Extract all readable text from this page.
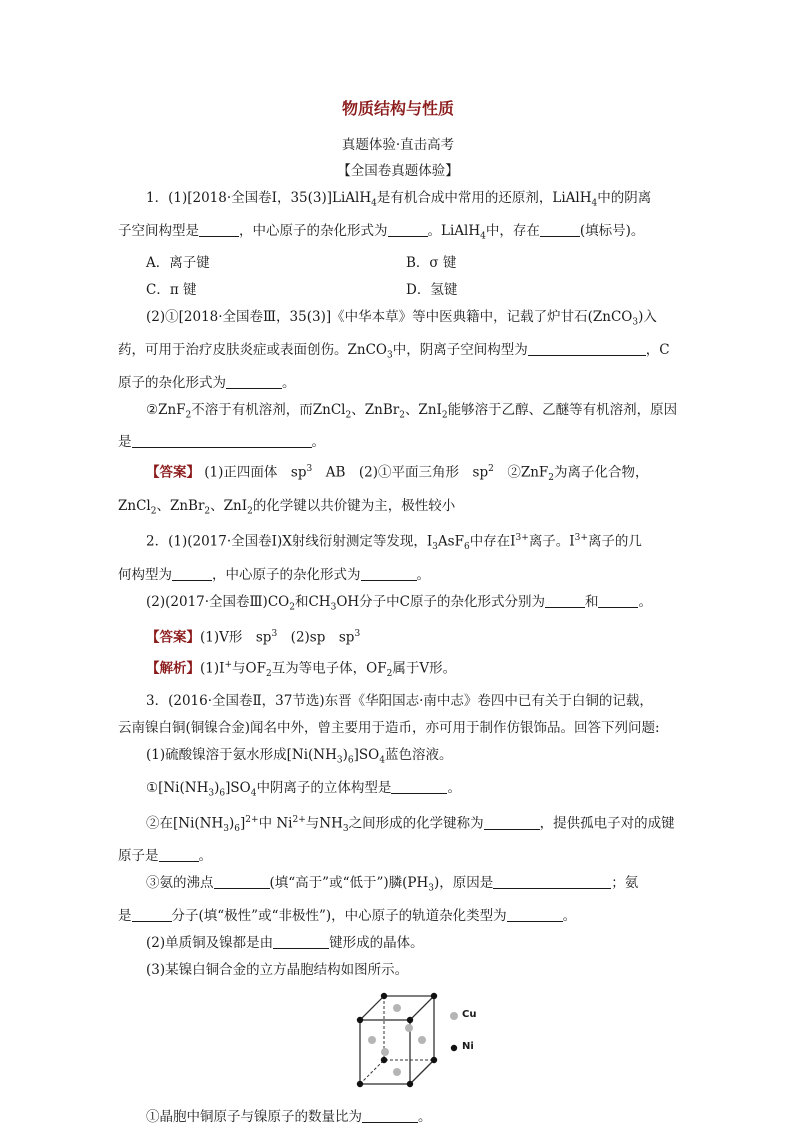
物质结构与性质
真题体验·直击高考
【全国卷真题体验】

1．(1)[2018·全国卷Ⅰ，35(3)]LiAlH$_4$是有机合成中常用的还原剂，LiAlH$_4$中的阴离

子空间构型是	，中心原子的杂化形式为	。LiAlH$_4$中，存在	(填标号)。

A．离子键	B．σ 键
C．π 键	D．氢键

(2)①[2018·全国卷Ⅲ，35(3)]《中华本草》等中医典籍中，记载了炉甘石(ZnCO$_3$)入

药，可用于治疗皮肤炎症或表面创伤。ZnCO$_3$中，阴离子空间构型为	，C

原子的杂化形式为	。

②ZnF$_2$不溶于有机溶剂，而ZnCl$_2$、ZnBr$_2$、ZnI$_2$能够溶于乙醇、乙醚等有机溶剂，原因

是	。

【答案】 (1)正四面体　$sp^3$　AB　(2)①平面三角形　$sp^2$　②ZnF$_2$为离子化合物，

ZnCl$_2$、ZnBr$_2$、ZnI$_2$的化学键以共价键为主，极性较小

2．(1)(2017·全国卷Ⅰ)X射线衍射测定等发现，$I_3AsF_6$中存在$I^{3+}$离子。$I^{3+}$离子的几

何构型为	，中心原子的杂化形式为	。

(2)(2017·全国卷$Ⅲ)CO_2$和$CH_3OH$分子中C原子的杂化形式分别为	和	。

【答案】(1)V形　$sp^3$　(2)sp　$sp^3$

【解析】(1)I+与$OF_2$互为等电子体，$OF_2$属于V形。

3．(2016·全国卷Ⅱ，37节选)东晋《华阳国志·南中志》卷四中已有关于白铜的记载，

云南镍白铜(铜镍合金)闻名中外，曾主要用于造币，亦可用于制作仿银饰品。回答下列问题:

(1)硫酸镍溶于氨水形成$[Ni(NH_3)_6]SO_4$蓝色溶液。

$①[Ni(NH_3)_6]SO_4$中阴离子的立体构型是	。

②在$[Ni(NH_3)_6]^{2+}$中 $Ni^{2+}$与$NH_3$之间形成的化学键称为	，提供孤电子对的成键

原子是	。

③氨的沸点	(填“高于”或“低于”)膦$(PH_3)$，原因是	；氨

是	分子(填“极性”或“非极性”)，中心原子的轨道杂化类型为	。

(2)单质铜及镍都是由	键形成的晶体。

(3)某镍白铜合金的立方晶胞结构如图所示。

Cu
Ni

①晶胞中铜原子与镍原子的数量比为	。
